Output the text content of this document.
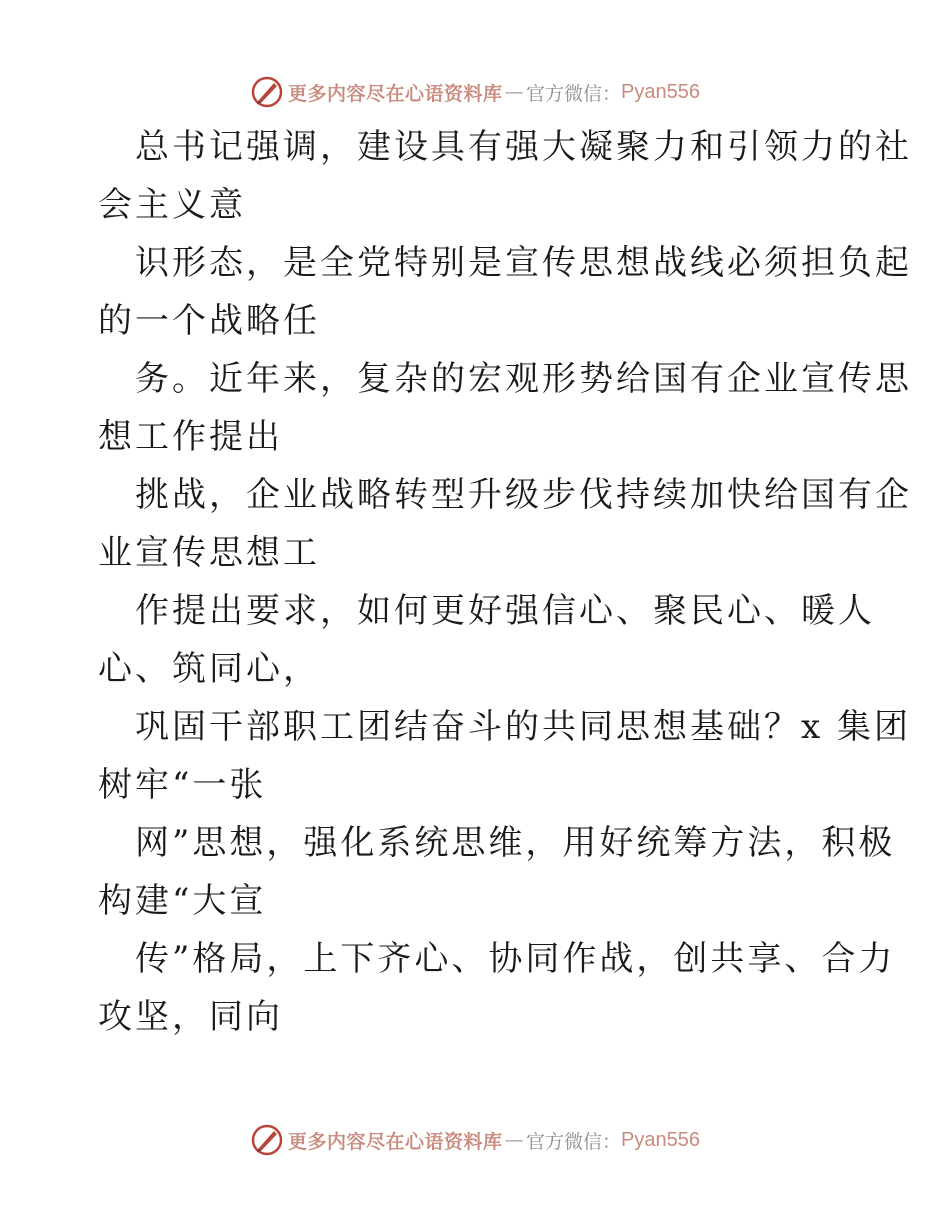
更多内容尽在心语资料库 — 官方微信： Pyan556
总书记强调，建设具有强大凝聚力和引领力的社
会主义意
识形态，是全党特别是宣传思想战线必须担负起
的一个战略任
务。近年来，复杂的宏观形势给国有企业宣传思
想工作提出
挑战，企业战略转型升级步伐持续加快给国有企
业宣传思想工
作提出要求，如何更好强信心、聚民心、暖人
心、筑同心，
巩固干部职工团结奋斗的共同思想基础？x 集团
树牢“一张
网”思想，强化系统思维，用好统筹方法，积极
构建“大宣
传”格局，上下齐心、协同作战，创共享、合力
攻坚，同向
更多内容尽在心语资料库 — 官方微信： Pyan556
